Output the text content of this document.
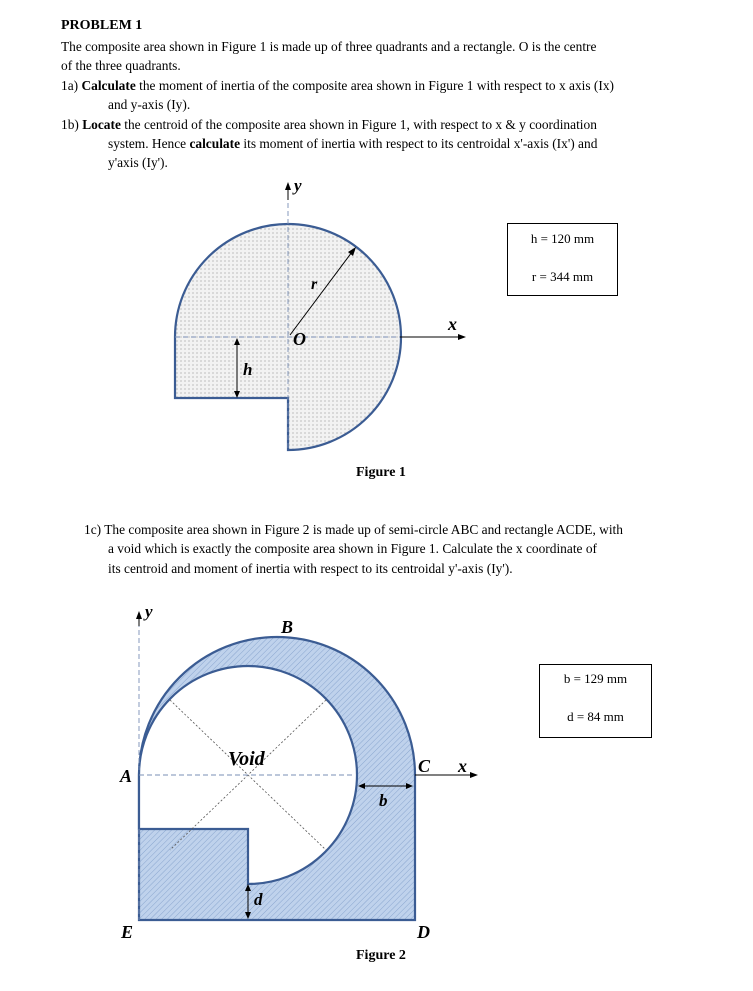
PROBLEM 1
The composite area shown in Figure 1 is made up of three quadrants and a rectangle. O is the centre
of the three quadrants.
1a) Calculate the moment of inertia of the composite area shown in Figure 1 with respect to x axis (Ix)
and y-axis (Iy).
1b) Locate the centroid of the composite area shown in Figure 1, with respect to x & y coordination
system. Hence calculate its moment of inertia with respect to its centroidal x'-axis (Ix') and
y'axis (Iy').
1c) The composite area shown in Figure 2 is made up of semi-circle ABC and rectangle ACDE, with
a void which is exactly the composite area shown in Figure 1. Calculate the x coordinate of
its centroid and moment of inertia with respect to its centroidal y'-axis (Iy').
y
x
r
O
h
Figure 1
h = 120 mm
r = 344 mm
y
B
A	C x
Void
b
d
E	D
Figure 2
b = 129 mm
d = 84 mm
